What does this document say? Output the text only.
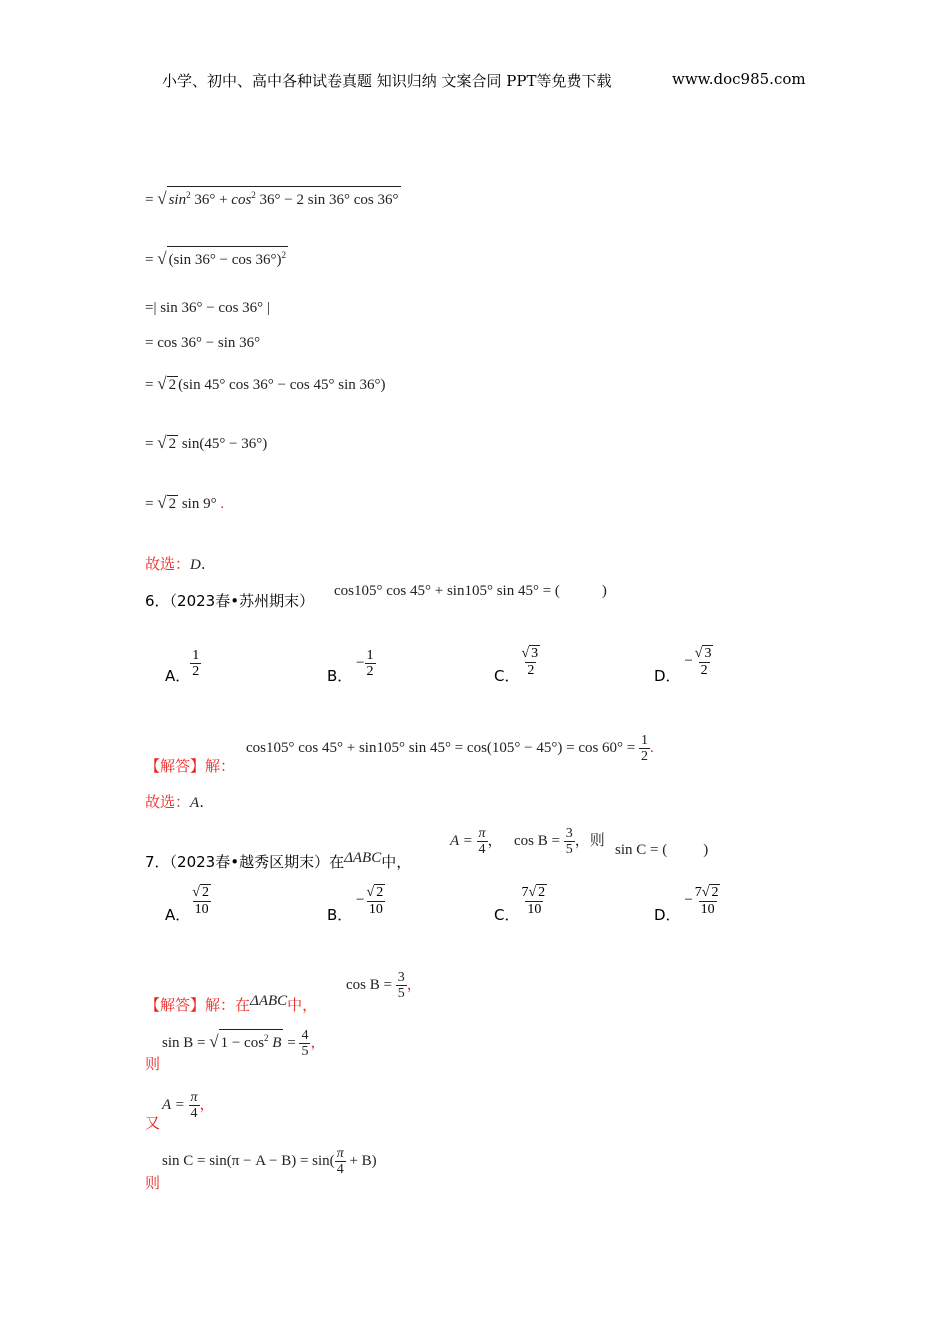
小学、初中、高中各种试卷真题 知识归纳 文案合同 PPT等免费下载	www.doc985.com
= √ $\sin^2 36^\circ + \cos^2 36^\circ - 2$ sin 36° cos 36°
= √ (sin 36° − cos 36°)$^2$
=| sin 36° − cos 36° |
= cos 36° − sin 36°
= √ 2 (sin 45° cos 36° − cos 45° sin 36°)
= √ 2 sin(45° − 36°)
= √ 2 sin 9° .
故选：D.
6．（2023春•苏州期末）
cos105° cos 45° + sin105° sin 45° = (	)
A． $\frac{1}{2}$	B． − $\frac{1}{2}$	C． $\frac{√ 3}{2}$	D． − $\frac{√ 3}{2}$
【解答】解：
cos105° cos 45° + sin105° $\sin 45^\circ = \cos(105^\circ - 45^\circ) = \cos 60^\circ = \frac{1}{2}$ .
故选：A.
7．（2023春•越秀区期末）在ΔABC中，
$A = \frac{\pi}{4}$ ， $\cos B = \frac{3}{5}$ ，则
sin C = ( )
A． $\frac{√ 2}{10}$	B． − $\frac{√ 2}{10}$	C． $\frac{7√ 2}{10}$	D． − $\frac{7√ 2}{10}$
【解答】解：在ΔABC中，
$\cos B = \frac{3}{5}$ ，
则
sin B = √ $1 - \cos^2 B = \frac{4}{5}$ ，
又
$A = \frac{\pi}{4}$ ，
则
$\sin C = \sin(\pi - A - B) = \sin( \frac{\pi}{4} + B)$
